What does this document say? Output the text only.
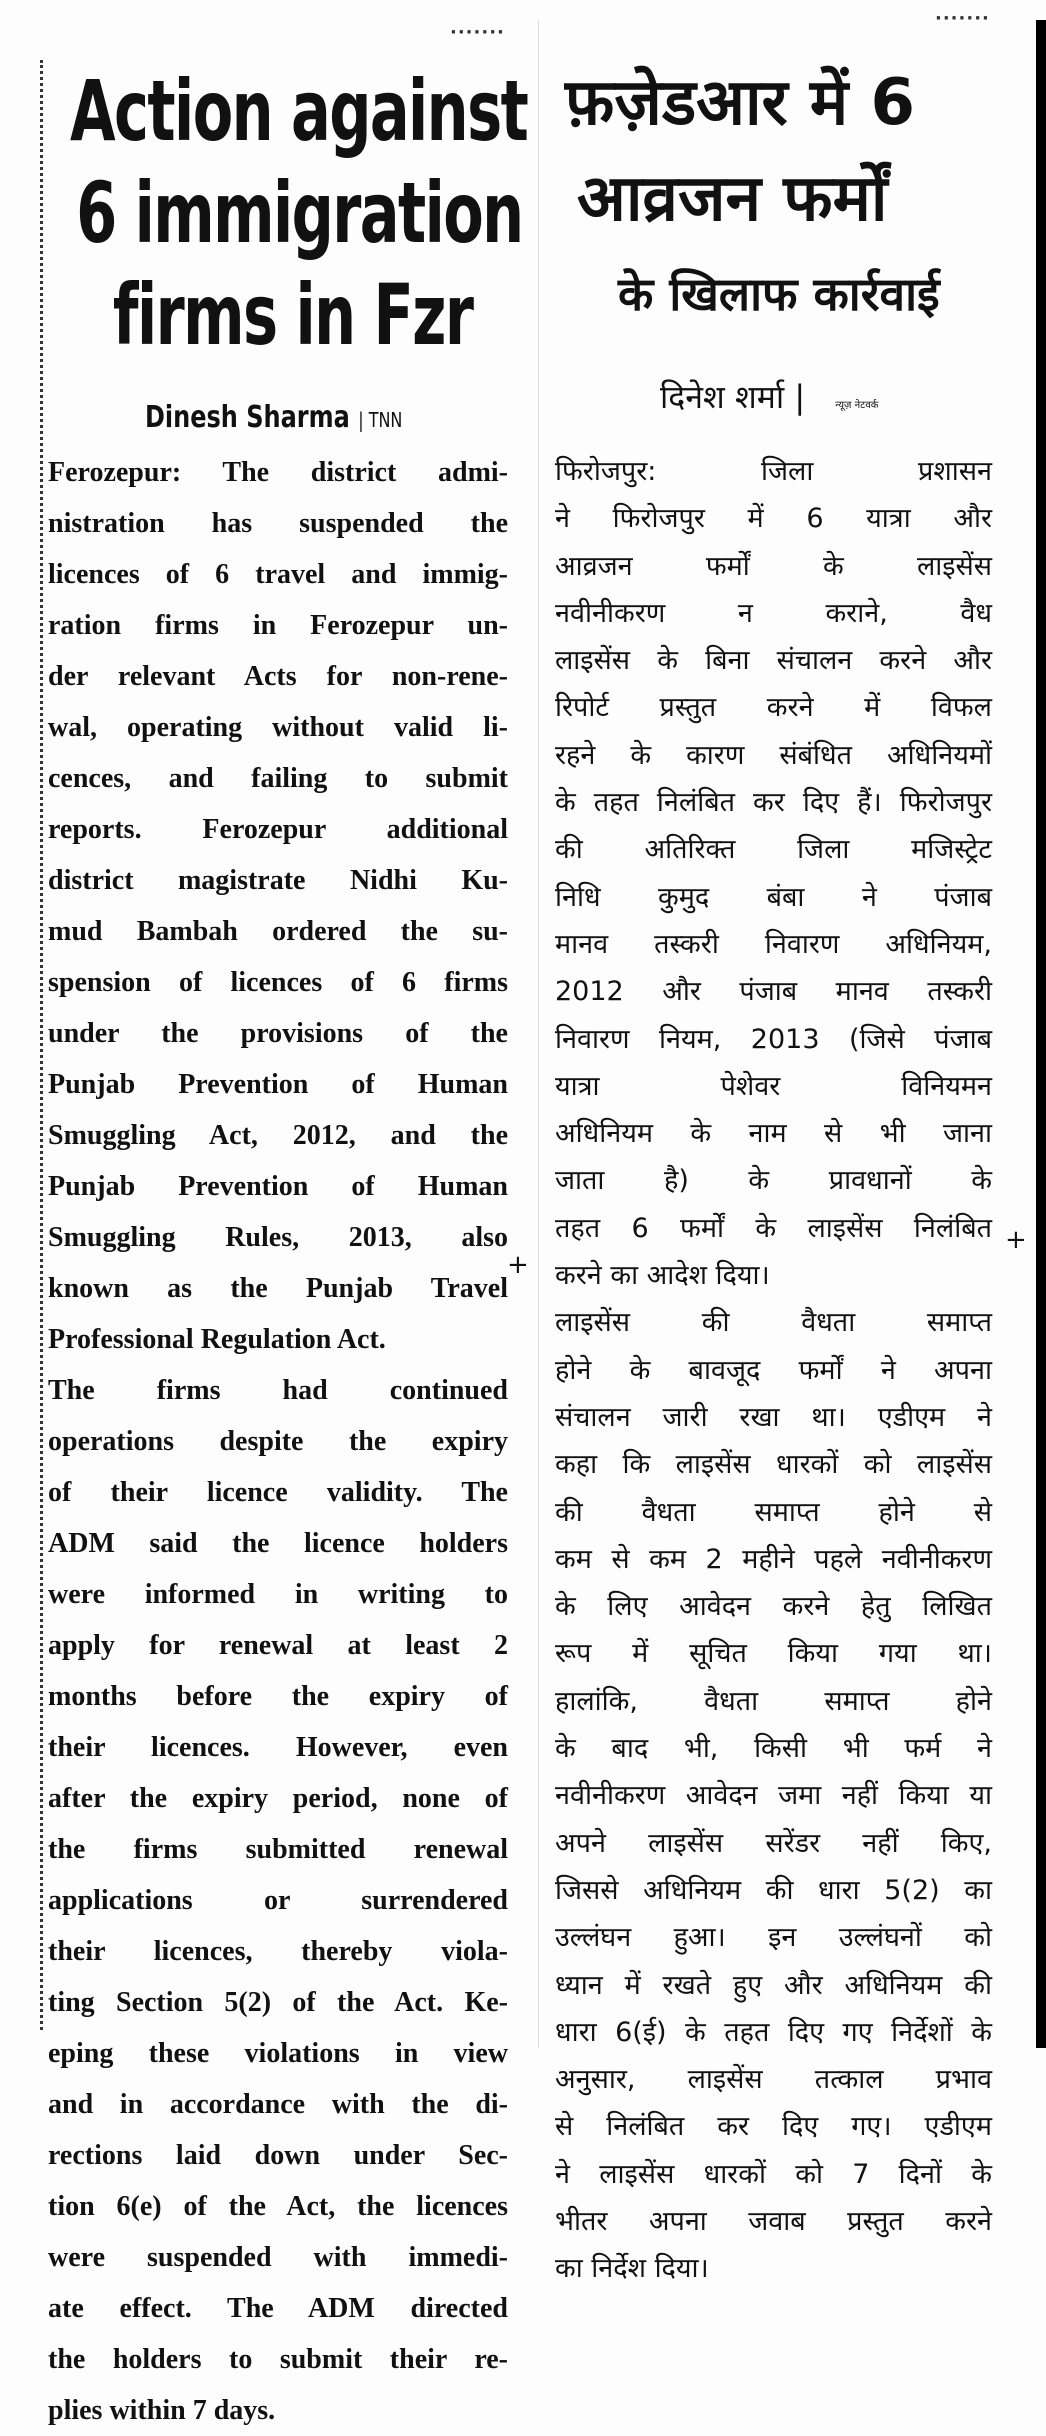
·······
·······
Action against
6 immigration
firms in Fzr
Dinesh Sharma | TNN
फ़ज़ेडआर में 6
आव्रजन फर्मों
के खिलाफ कार्रवाई
दिनेश शर्मा |	न्यूज़ नेटवर्क
Ferozepur: The district admi-
nistration has suspended the
licences of 6 travel and immig-
ration firms in Ferozepur un-
der relevant Acts for non-rene-
wal, operating without valid li-
cences, and failing to submit
reports. Ferozepur additional
district magistrate Nidhi Ku-
mud Bambah ordered the su-
spension of licences of 6 firms
under the provisions of the
Punjab Prevention of Human
Smuggling Act, 2012, and the
Punjab Prevention of Human
Smuggling Rules, 2013, also
known as the Punjab Travel
Professional Regulation Act.
The firms had continued
operations despite the expiry
of their licence validity. The
ADM said the licence holders
were informed in writing to
apply for renewal at least 2
months before the expiry of
their licences. However, even
after the expiry period, none of
the firms submitted renewal
applications or surrendered
their licences, thereby viola-
ting Section 5(2) of the Act. Ke-
eping these violations in view
and in accordance with the di-
rections laid down under Sec-
tion 6(e) of the Act, the licences
were suspended with immedi-
ate effect. The ADM directed
the holders to submit their re-
plies within 7 days.
फिरोजपुर: जिला प्रशासन
ने फिरोजपुर में 6 यात्रा और
आव्रजन फर्मों के लाइसेंस
नवीनीकरण न कराने, वैध
लाइसेंस के बिना संचालन करने और
रिपोर्ट प्रस्तुत करने में विफल
रहने के कारण संबंधित अधिनियमों
के तहत निलंबित कर दिए हैं। फिरोजपुर
की अतिरिक्त जिला मजिस्ट्रेट
निधि कुमुद बंबा ने पंजाब
मानव तस्करी निवारण अधिनियम,
2012 और पंजाब मानव तस्करी
निवारण नियम, 2013 (जिसे पंजाब
यात्रा पेशेवर विनियमन
अधिनियम के नाम से भी जाना
जाता है) के प्रावधानों के
तहत 6 फर्मों के लाइसेंस निलंबित
करने का आदेश दिया।
लाइसेंस की वैधता समाप्त
होने के बावजूद फर्मों ने अपना
संचालन जारी रखा था। एडीएम ने
कहा कि लाइसेंस धारकों को लाइसेंस
की वैधता समाप्त होने से
कम से कम 2 महीने पहले नवीनीकरण
के लिए आवेदन करने हेतु लिखित
रूप में सूचित किया गया था।
हालांकि, वैधता समाप्त होने
के बाद भी, किसी भी फर्म ने
नवीनीकरण आवेदन जमा नहीं किया या
अपने लाइसेंस सरेंडर नहीं किए,
जिससे अधिनियम की धारा 5(2) का
उल्लंघन हुआ। इन उल्लंघनों को
ध्यान में रखते हुए और अधिनियम की
धारा 6(ई) के तहत दिए गए निर्देशों के
अनुसार, लाइसेंस तत्काल प्रभाव
से निलंबित कर दिए गए। एडीएम
ने लाइसेंस धारकों को 7 दिनों के
भीतर अपना जवाब प्रस्तुत करने
का निर्देश दिया।
+
+
